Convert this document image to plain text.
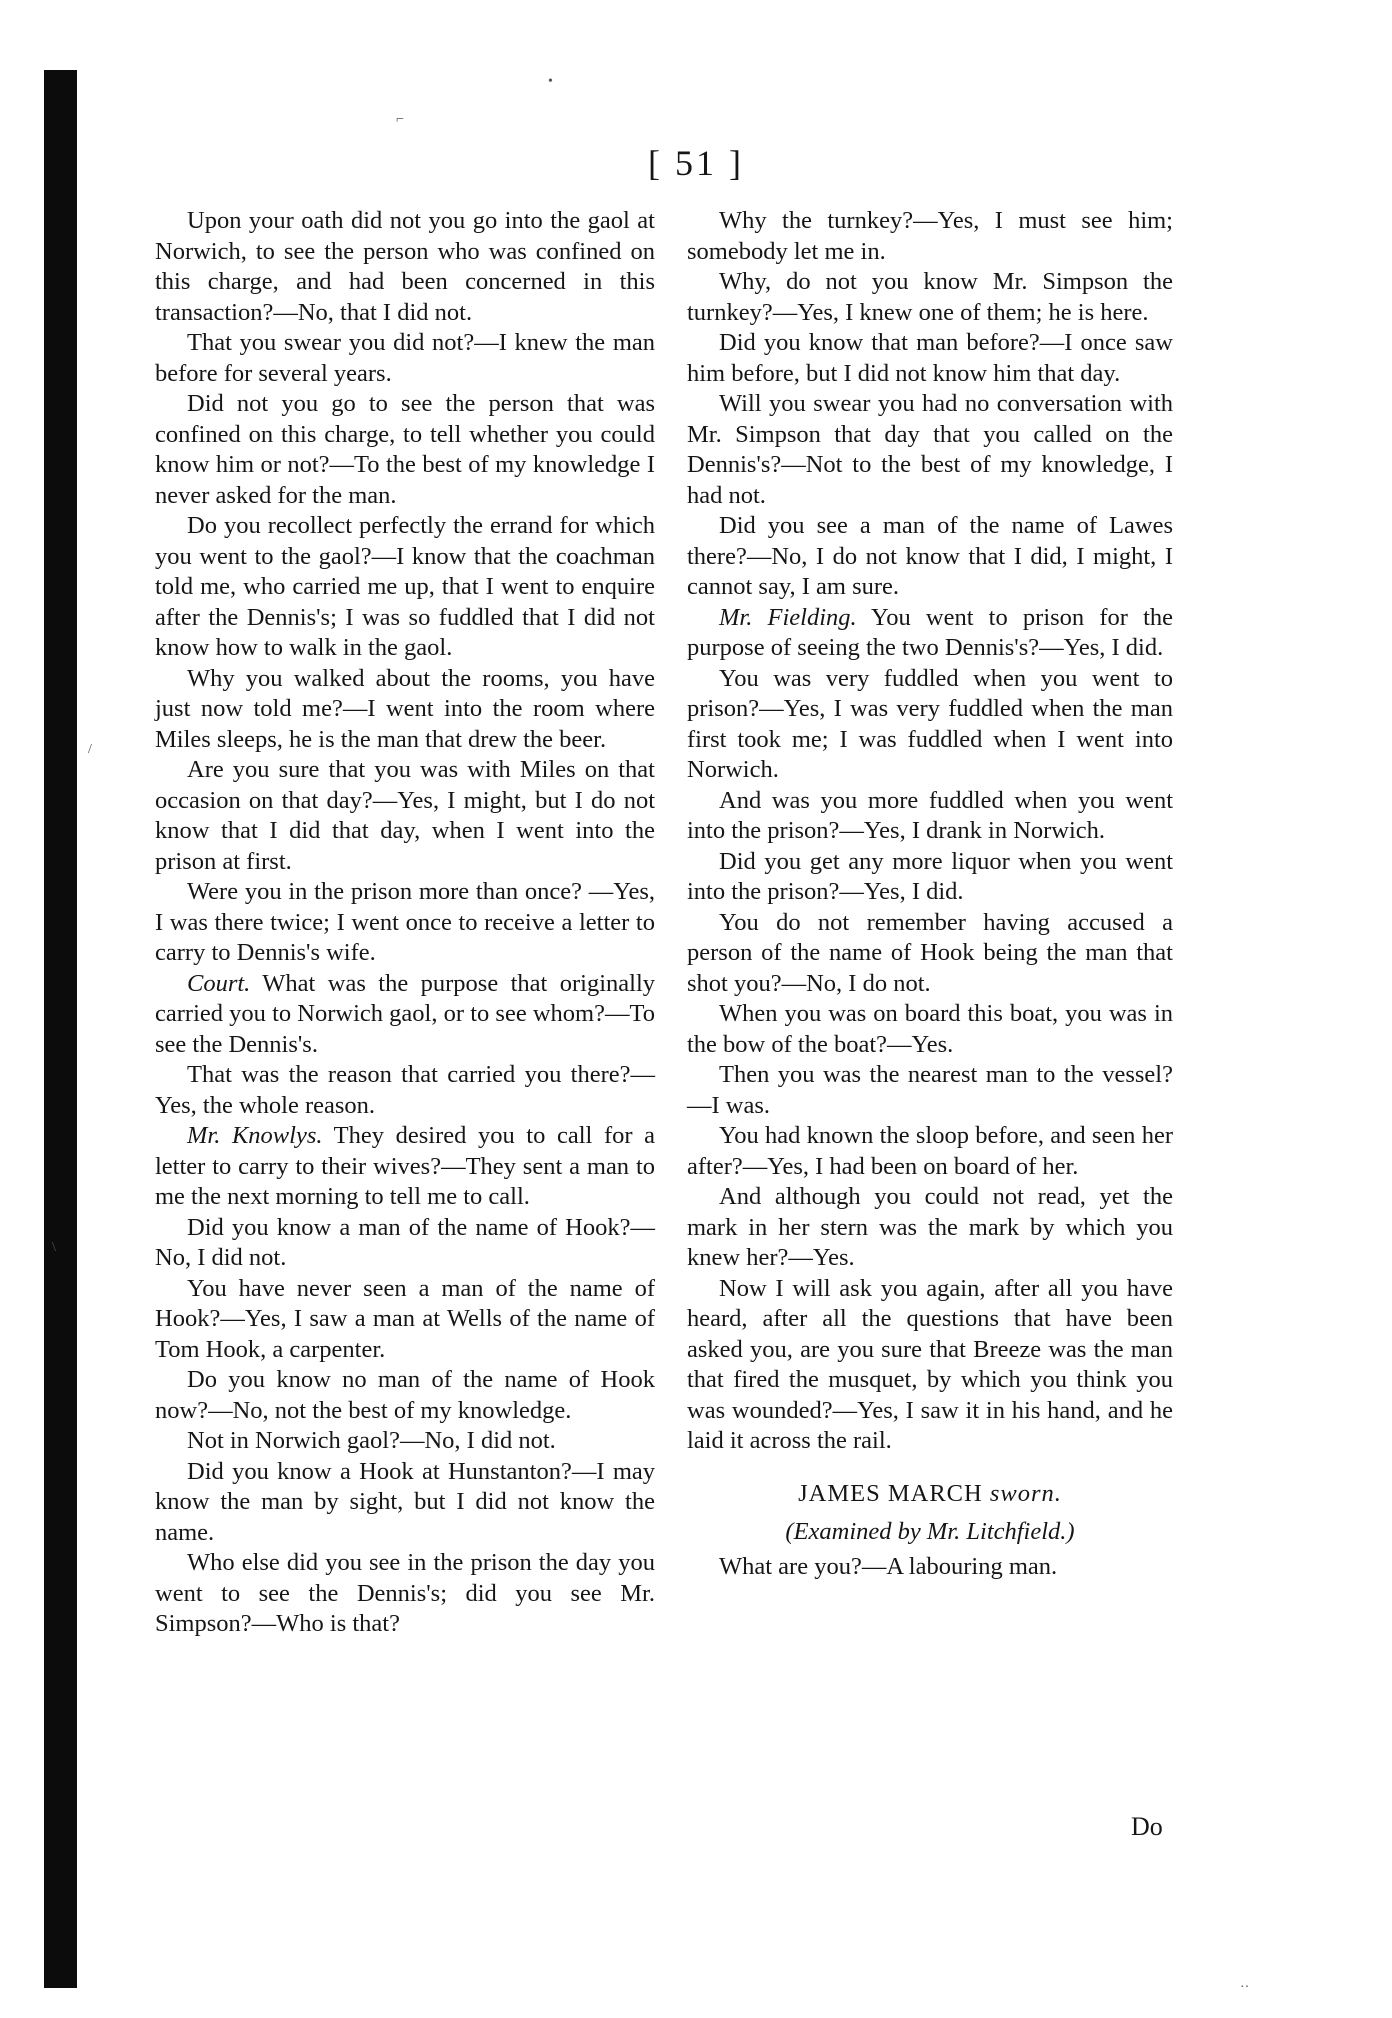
[ 51 ]

Upon your oath did not you go into the gaol at Norwich, to see the person who was confined on this charge, and had been concerned in this transaction?—No, that I did not.

That you swear you did not?—I knew the man before for several years.

Did not you go to see the person that was confined on this charge, to tell whether you could know him or not?—To the best of my knowledge I never asked for the man.

Do you recollect perfectly the errand for which you went to the gaol?—I know that the coachman told me, who carried me up, that I went to enquire after the Dennis's; I was so fuddled that I did not know how to walk in the gaol.

Why you walked about the rooms, you have just now told me?—I went into the room where Miles sleeps, he is the man that drew the beer.

Are you sure that you was with Miles on that occasion on that day?—Yes, I might, but I do not know that I did that day, when I went into the prison at first.

Were you in the prison more than once? —Yes, I was there twice; I went once to receive a letter to carry to Dennis's wife.

Court. What was the purpose that originally carried you to Norwich gaol, or to see whom?—To see the Dennis's.

That was the reason that carried you there?—Yes, the whole reason.

Mr. Knowlys. They desired you to call for a letter to carry to their wives?—They sent a man to me the next morning to tell me to call.

Did you know a man of the name of Hook?—No, I did not.

You have never seen a man of the name of Hook?—Yes, I saw a man at Wells of the name of Tom Hook, a carpenter.

Do you know no man of the name of Hook now?—No, not the best of my knowledge.

Not in Norwich gaol?—No, I did not.

Did you know a Hook at Hunstanton?—I may know the man by sight, but I did not know the name.

Who else did you see in the prison the day you went to see the Dennis's; did you see Mr. Simpson?—Who is that?

Why the turnkey?—Yes, I must see him; somebody let me in.

Why, do not you know Mr. Simpson the turnkey?—Yes, I knew one of them; he is here.

Did you know that man before?—I once saw him before, but I did not know him that day.

Will you swear you had no conversation with Mr. Simpson that day that you called on the Dennis's?—Not to the best of my knowledge, I had not.

Did you see a man of the name of Lawes there?—No, I do not know that I did, I might, I cannot say, I am sure.

Mr. Fielding. You went to prison for the purpose of seeing the two Dennis's?—Yes, I did.

You was very fuddled when you went to prison?—Yes, I was very fuddled when the man first took me; I was fuddled when I went into Norwich.

And was you more fuddled when you went into the prison?—Yes, I drank in Norwich.

Did you get any more liquor when you went into the prison?—Yes, I did.

You do not remember having accused a person of the name of Hook being the man that shot you?—No, I do not.

When you was on board this boat, you was in the bow of the boat?—Yes.

Then you was the nearest man to the vessel?—I was.

You had known the sloop before, and seen her after?—Yes, I had been on board of her.

And although you could not read, yet the mark in her stern was the mark by which you knew her?—Yes.

Now I will ask you again, after all you have heard, after all the questions that have been asked you, are you sure that Breeze was the man that fired the musquet, by which you think you was wounded?—Yes, I saw it in his hand, and he laid it across the rail.

JAMES MARCH sworn.

(Examined by Mr. Litchfield.)

What are you?—A labouring man.

Do
•
⌐
/
\
··
